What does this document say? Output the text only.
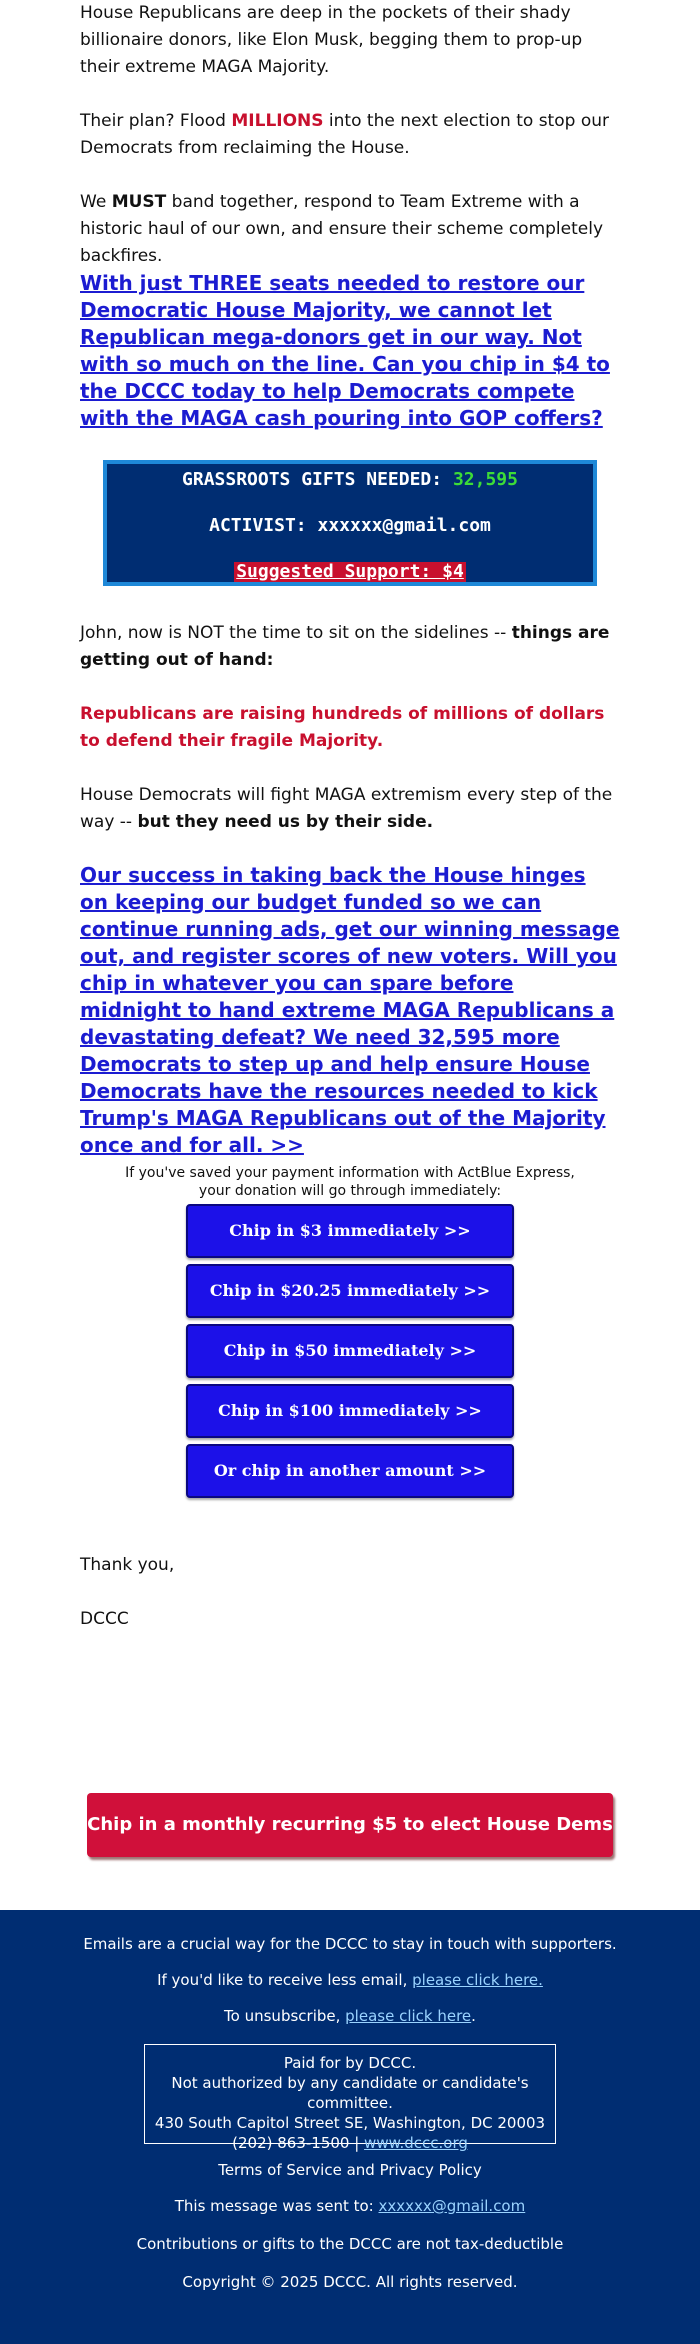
House Republicans are deep in the pockets of their shady billionaire donors, like Elon Musk, begging them to prop-up their extreme MAGA Majority.

Their plan? Flood MILLIONS into the next election to stop our Democrats from reclaiming the House.

We MUST band together, respond to Team Extreme with a historic haul of our own, and ensure their scheme completely backfires.

With just THREE seats needed to restore our Democratic House Majority, we cannot let Republican mega-donors get in our way. Not with so much on the line. Can you chip in $4 to the DCCC today to help Democrats compete with the MAGA cash pouring into GOP coffers?
GRASSROOTS GIFTS NEEDED: 32,595
ACTIVIST: xxxxxx@gmail.com
Suggested Support: $4

John, now is NOT the time to sit on the sidelines -- things are getting out of hand:

Republicans are raising hundreds of millions of dollars to defend their fragile Majority.

House Democrats will fight MAGA extremism every step of the way -- but they need us by their side.

Our success in taking back the House hinges on keeping our budget funded so we can continue running ads, get our winning message out, and register scores of new voters. Will you chip in whatever you can spare before midnight to hand extreme MAGA Republicans a devastating defeat? We need 32,595 more Democrats to step up and help ensure House Democrats have the resources needed to kick Trump's MAGA Republicans out of the Majority once and for all. >>
If you've saved your payment information with ActBlue Express,
your donation will go through immediately:
Chip in $3 immediately >>
Chip in $20.25 immediately >>
Chip in $50 immediately >>
Chip in $100 immediately >>
Or chip in another amount >>

Thank you,

DCCC

Chip in a monthly recurring $5 to elect House Dems >>
Emails are a crucial way for the DCCC to stay in touch with supporters.
If you'd like to receive less email, please click here.
To unsubscribe, please click here.
Paid for by DCCC.
Not authorized by any candidate or candidate's committee.
430 South Capitol Street SE, Washington, DC 20003
(202) 863-1500 | www.dccc.org
Terms of Service and Privacy Policy
This message was sent to: xxxxxx@gmail.com
Contributions or gifts to the DCCC are not tax-deductible
Copyright © 2025 DCCC. All rights reserved.
